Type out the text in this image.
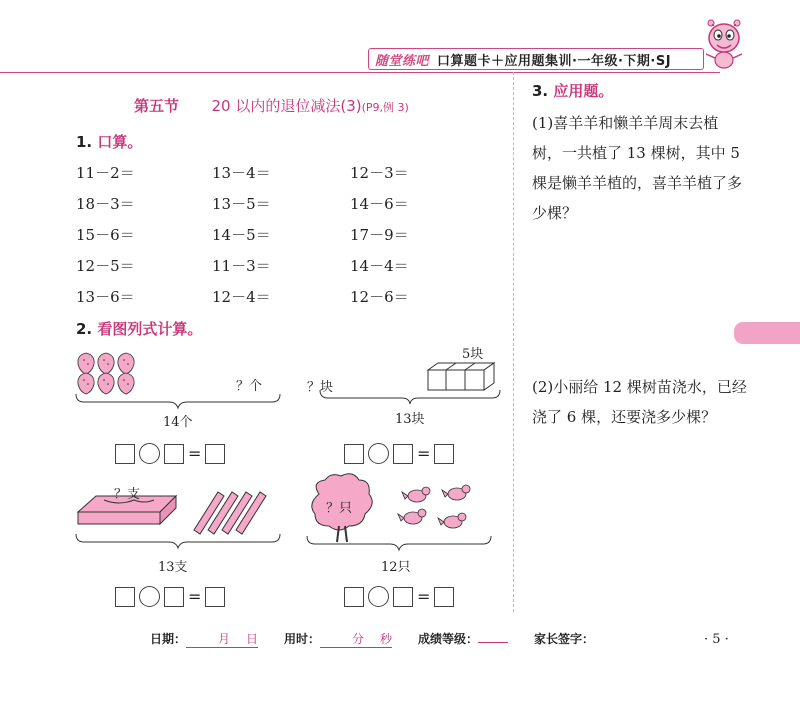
随堂练吧 口算题卡＋应用题集训·一年级·下期·SJ
第五节 20 以内的退位减法(3)(P9,例 3)
1. 口算。
11－2＝	13－4＝	12－3＝
18－3＝	13－5＝	14－6＝
15－6＝	14－5＝	17－9＝
12－5＝	11－3＝	14－4＝
13－6＝	12－4＝	12－6＝
2. 看图列式计算。
？个
14个
=
5块
？块
13块
=
？支
13支
=
？只
12只
=
3. 应用题。
(1)喜羊羊和懒羊羊周末去植树，一共植了 13 棵树，其中 5 棵是懒羊羊植的，喜羊羊植了多少棵？
(2)小丽给 12 棵树苗浇水，已经浇了 6 棵，还要浇多少棵？
日期：	月 日 用时：	分 秒 成绩等级：	家长签字：	· 5 ·
